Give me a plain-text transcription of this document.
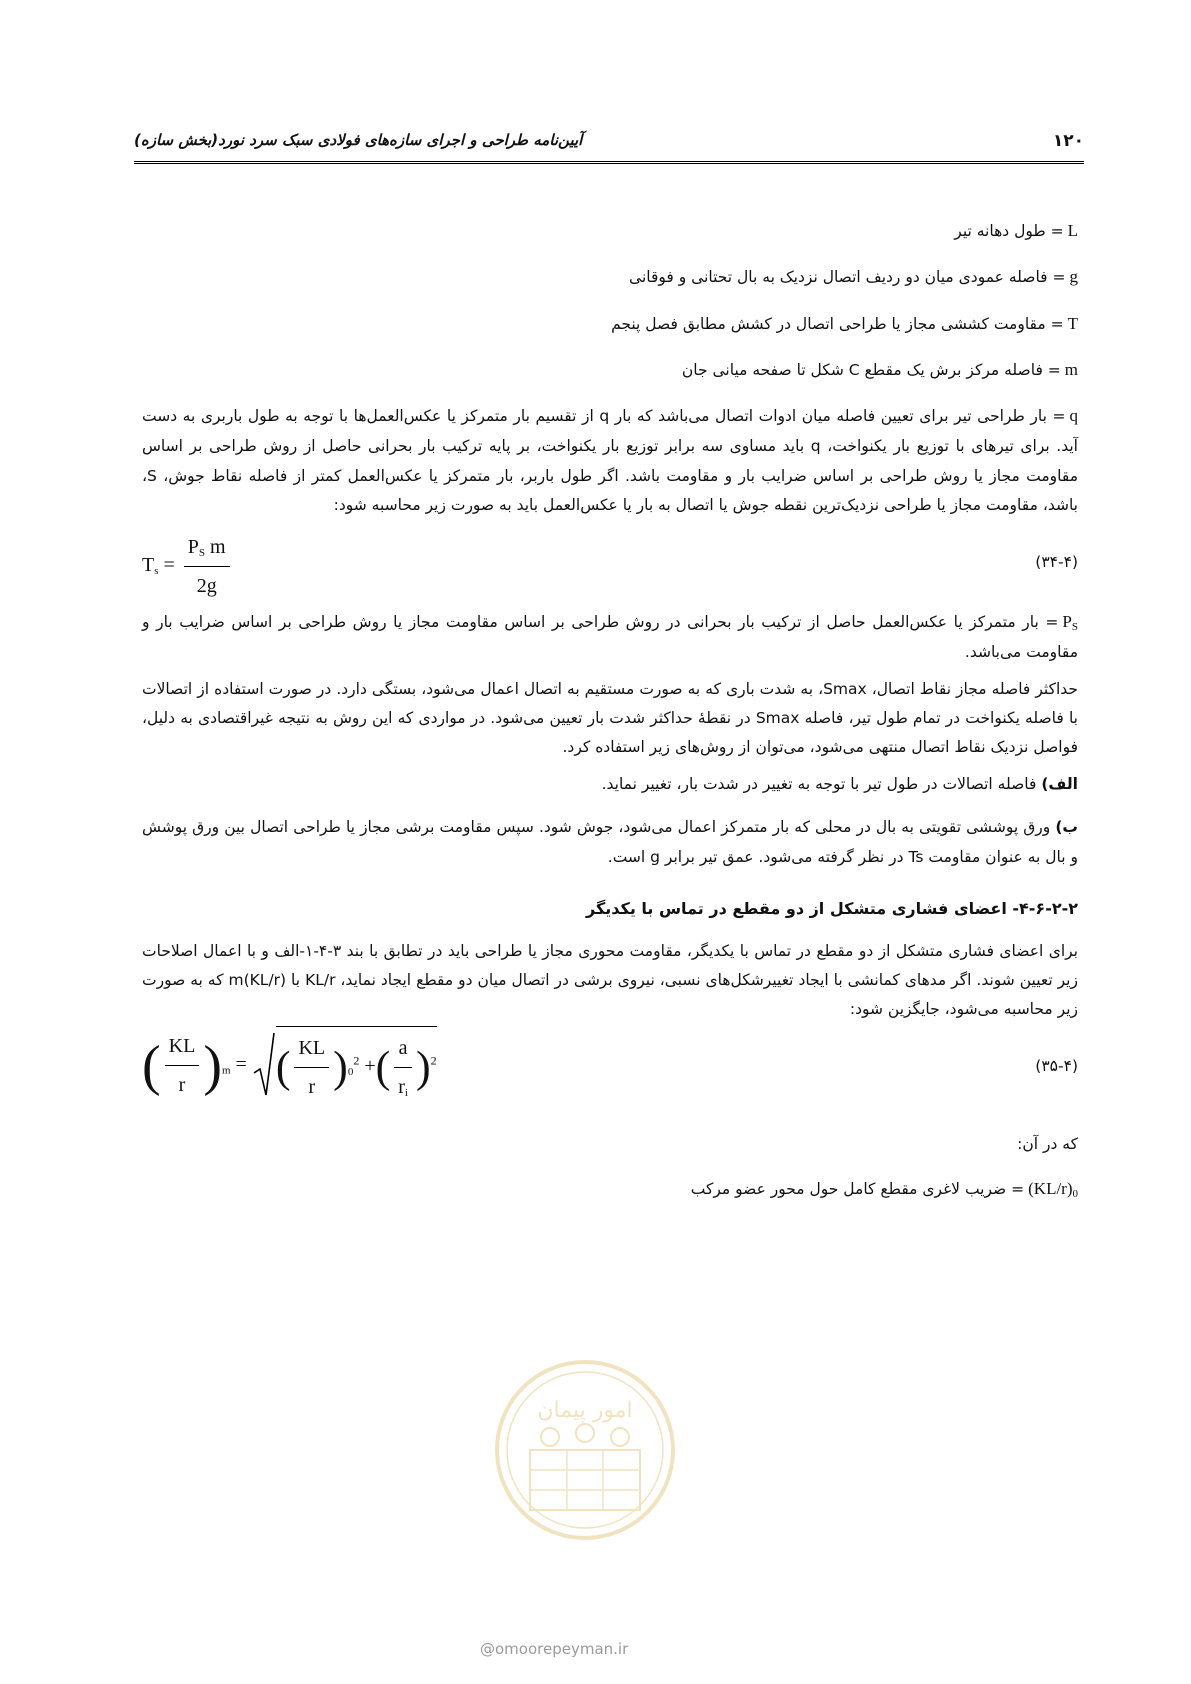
۱۲۰
آیین‌نامه طراحی و اجرای سازه‌های فولادی سبک سرد نورد(بخش سازه)

L= طول دهانه تیر

g= فاصله عمودی میان دو ردیف اتصال نزدیک به بال تحتانی و فوقانی

T= مقاومت کششی مجاز یا طراحی اتصال در کشش مطابق فصل پنجم

m= فاصله مرکز برش یک مقطع C شکل تا صفحه میانی جان

q= بار طراحی تیر برای تعیین فاصله میان ادوات اتصال می‌باشد که بار q از تقسیم بار متمرکز یا عکس‌العمل‌ها با توجه به طول باربری به دست آید. برای تیرهای با توزیع بار یکنواخت، q باید مساوی سه برابر توزیع بار یکنواخت، بر پایه ترکیب بار بحرانی حاصل از روش طراحی بر اساس مقاومت مجاز یا روش طراحی بر اساس ضرایب بار و مقاومت باشد. اگر طول باربر، بار متمرکز یا عکس‌العمل کمتر از فاصله نقاط جوش، S، باشد، مقاومت مجاز یا طراحی نزدیک‌ترین نقطه جوش یا اتصال به بار یا عکس‌العمل باید به صورت زیر محاسبه شود:

(۳۴-۴)
$T_s = \frac{P_S m}{2g}$

$P_S=$ بار متمرکز یا عکس‌العمل حاصل از ترکیب بار بحرانی در روش طراحی بر اساس مقاومت مجاز یا روش طراحی بر اساس ضرایب بار و مقاومت می‌باشد.

حداکثر فاصله مجاز نقاط اتصال، Smax، به شدت باری که به صورت مستقیم به اتصال اعمال می‌شود، بستگی دارد. در صورت استفاده از اتصالات با فاصله یکنواخت در تمام طول تیر، فاصله Smax در نقطهٔ حداکثر شدت بار تعیین می‌شود. در مواردی که این روش به نتیجه غیراقتصادی به دلیل، فواصل نزدیک نقاط اتصال منتهی می‌شود، می‌توان از روش‌های زیر استفاده کرد.

الف) فاصله اتصالات در طول تیر با توجه به تغییر در شدت بار، تغییر نماید.

ب) ورق پوششی تقویتی به بال در محلی که بار متمرکز اعمال می‌شود، جوش شود. سپس مقاومت برشی مجاز یا طراحی اتصال بین ورق پوشش و بال به عنوان مقاومت Ts در نظر گرفته می‌شود. عمق تیر برابر g است.

۴-۶-۲-۲- اعضای فشاری متشکل از دو مقطع در تماس با یکدیگر

برای اعضای فشاری متشکل از دو مقطع در تماس با یکدیگر، مقاومت محوری مجاز یا طراحی باید در تطابق با بند ۳-۴-۱-الف و با اعمال اصلاحات زیر تعیین شوند. اگر مدهای کمانشی با ایجاد تغییرشکل‌های نسبی، نیروی برشی در اتصال میان دو مقطع ایجاد نماید، KL/r با (KL/r)m که به صورت زیر محاسبه می‌شود، جایگزین شود:

(۳۵-۴)
( $\frac{KL}{r} )_m$ = ( $\frac{KL}{r} )_0^2$ +( $\frac{a}{r_i} )^2$

که در آن:

$(KL/r)_0=$ ضریب لاغری مقطع کامل حول محور عضو مرکب

امور پیمان
@omoorepeyman.ir
